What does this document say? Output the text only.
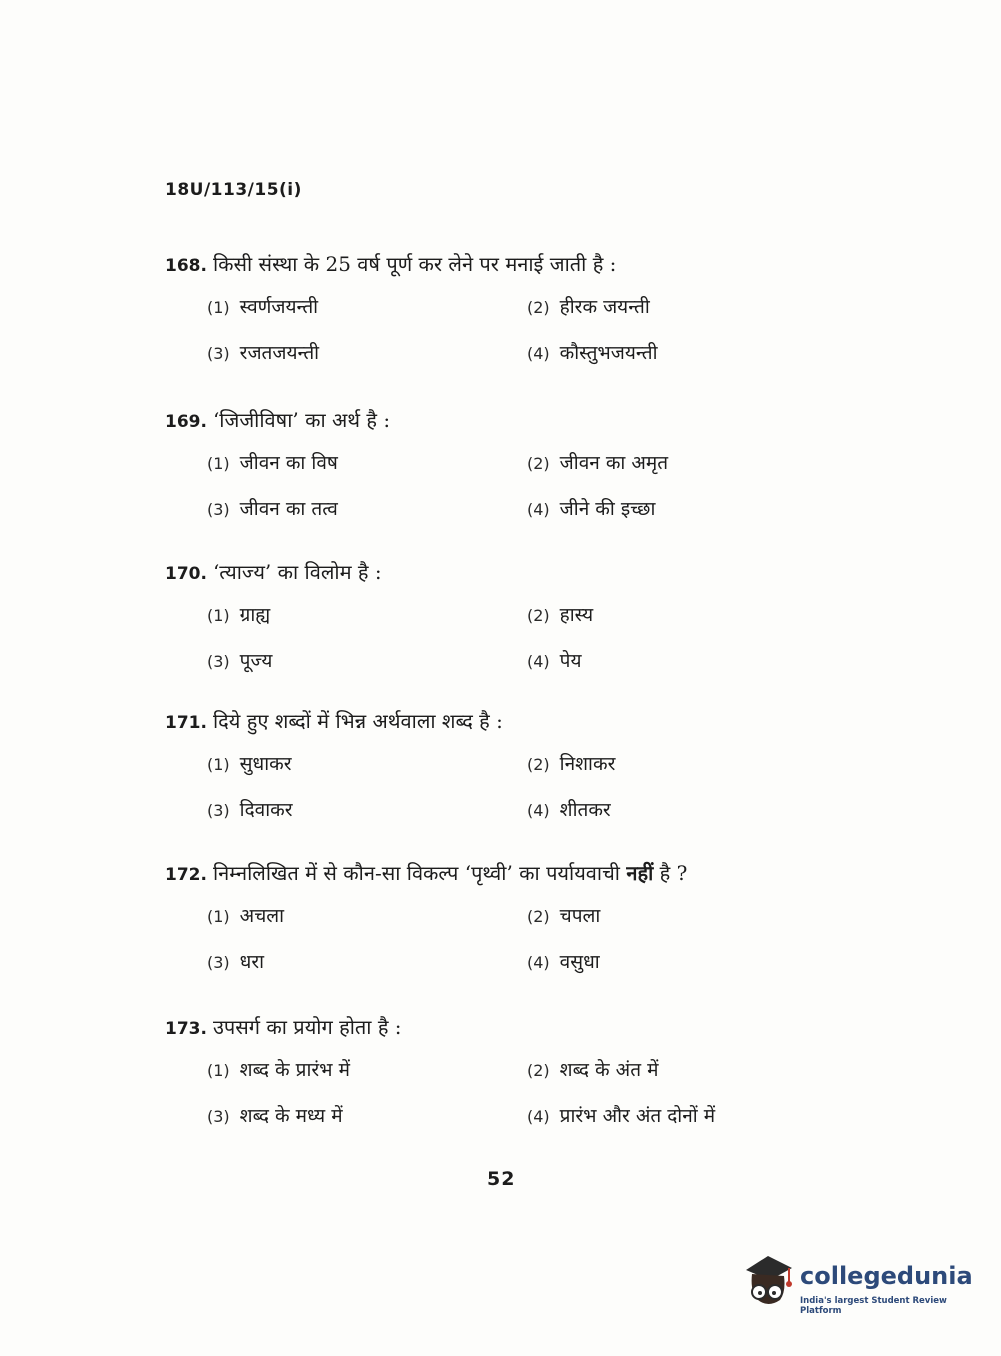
18U/113/15(i)
168. किसी संस्था के 25 वर्ष पूर्ण कर लेने पर मनाई जाती है :
(1) स्वर्णजयन्ती	(2) हीरक जयन्ती
(3) रजतजयन्ती	(4) कौस्तुभजयन्ती
169. ‘जिजीविषा’ का अर्थ है :
(1) जीवन का विष	(2) जीवन का अमृत
(3) जीवन का तत्व	(4) जीने की इच्छा
170. ‘त्याज्य’ का विलोम है :
(1) ग्राह्य	(2) हास्य
(3) पूज्य	(4) पेय
171. दिये हुए शब्दों में भिन्न अर्थवाला शब्द है :
(1) सुधाकर	(2) निशाकर
(3) दिवाकर	(4) शीतकर
172. निम्नलिखित में से कौन-सा विकल्प ‘पृथ्वी’ का पर्यायवाची
नहीं
है ?
(1) अचला	(2) चपला
(3) धरा	(4) वसुधा
173. उपसर्ग का प्रयोग होता है :
(1) शब्द के प्रारंभ में	(2) शब्द के अंत में
(3) शब्द के मध्य में	(4) प्रारंभ और अंत दोनों में
52
collegedunia
India's largest Student Review Platform
